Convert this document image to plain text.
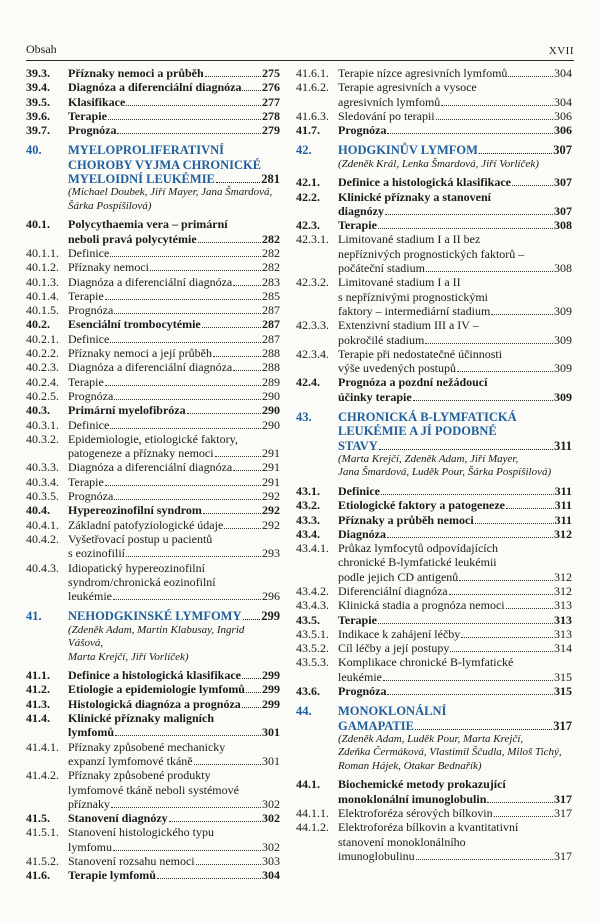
Obsah	XVII
39.3.	Příznaky nemoci a průběh	275
39.4.	Diagnóza a diferenciální diagnóza 276
39.5.	Klasifikace	277
39.6.	Terapie	278
39.7.	Prognóza	279
40.	MYELOPROLIFERATIVNÍ
CHOROBY VYJMA CHRONICKÉ
MYELOIDNÍ LEUKÉMIE	281
(Michael Doubek, Jiří Mayer, Jana Šmardová,
Šárka Pospíšilová)
40.1.	Polycythaemia vera – primární
neboli pravá polycytémie	282
40.1.1. Definice	282
40.1.2. Příznaky nemoci	282
40.1.3. Diagnóza a diferenciální diagnóza 283
40.1.4. Terapie	285
40.1.5. Prognóza	287
40.2.	Esenciální trombocytémie	287
40.2.1. Definice	287
40.2.2. Příznaky nemoci a její průběh	288
40.2.3. Diagnóza a diferenciální diagnóza 288
40.2.4. Terapie	289
40.2.5. Prognóza	290
40.3.	Primární myelofibróza	290
40.3.1. Definice	290
40.3.2. Epidemiologie, etiologické faktory,
patogeneze a příznaky nemoci	291
40.3.3. Diagnóza a diferenciální diagnóza 291
40.3.4. Terapie	291
40.3.5. Prognóza	292
40.4.	Hypereozinofilní syndrom	292
40.4.1. Základní patofyziologické údaje	292
40.4.2. Vyšetřovací postup u pacientů
s eozinofilií	293
40.4.3. Idiopatický hypereozinofilní
syndrom/chronická eozinofilní
leukémie	296
41.	NEHODGKINSKÉ LYMFOMY 299
(Zdeněk Adam, Martin Klabusay, Ingrid Vášová,
Marta Krejčí, Jiří Vorlíček)
41.1.	Definice a histologická klasifikace 299
41.2.	Etiologie a epidemiologie lymfomů 299
41.3.	Histologická diagnóza a prognóza 299
41.4.	Klinické příznaky maligních
lymfomů	301
41.4.1. Příznaky způsobené mechanicky
expanzí lymfomové tkáně	301
41.4.2. Příznaky způsobené produkty
lymfomové tkáně neboli systémové
příznaky	302
41.5.	Stanovení diagnózy	302
41.5.1. Stanovení histologického typu
lymfomu	302
41.5.2. Stanovení rozsahu nemoci	303
41.6.	Terapie lymfomů	304
41.6.1. Terapie nízce agresivních lymfomů	304
41.6.2. Terapie agresivních a vysoce
agresivních lymfomů	304
41.6.3. Sledování po terapii	306
41.7.	Prognóza	306
42.	HODGKINŮV LYMFOM	307
(Zdeněk Král, Lenka Šmardová, Jiří Vorlíček)
42.1.	Definice a histologická klasifikace	307
42.2.	Klinické příznaky a stanovení
diagnózy	307
42.3.	Terapie	308
42.3.1. Limitované stadium I a II bez
nepříznivých prognostických faktorů –
počáteční stadium	308
42.3.2. Limitované stadium I a II
s nepříznivými prognostickými
faktory – intermediární stadium	309
42.3.3. Extenzivní stadium III a IV –
pokročilé stadium	309
42.3.4. Terapie při nedostatečné účinnosti
výše uvedených postupů	309
42.4.	Prognóza a pozdní nežádoucí
účinky terapie	309
43.	CHRONICKÁ B-LYMFATICKÁ
LEUKÉMIE A JÍ PODOBNÉ
STAVY	311
(Marta Krejčí, Zdeněk Adam, Jiří Mayer,
Jana Šmardová, Luděk Pour, Šárka Pospíšilová)
43.1.	Definice	311
43.2.	Etiologické faktory a patogeneze	311
43.3.	Příznaky a průběh nemoci	311
43.4.	Diagnóza	312
43.4.1. Průkaz lymfocytů odpovídajících
chronické B-lymfatické leukémii
podle jejich CD antigenů	312
43.4.2. Diferenciální diagnóza	312
43.4.3. Klinická stadia a prognóza nemoci	313
43.5.	Terapie	313
43.5.1. Indikace k zahájení léčby	313
43.5.2. Cíl léčby a její postupy	314
43.5.3. Komplikace chronické B-lymfatické
leukémie	315
43.6.	Prognóza	315
44.	MONOKLONÁLNÍ
GAMAPATIE	317
(Zdeněk Adam, Luděk Pour, Marta Krejčí,
Zdeňka Čermáková, Vlastimil Ščudla, Miloš Tichý,
Roman Hájek, Otakar Bednařík)
44.1.	Biochemické metody prokazující
monoklonální imunoglobulin	317
44.1.1. Elektroforéza sérových bílkovin	317
44.1.2. Elektroforéza bílkovin a kvantitativní
stanovení monoklonálního
imunoglobulinu	317
